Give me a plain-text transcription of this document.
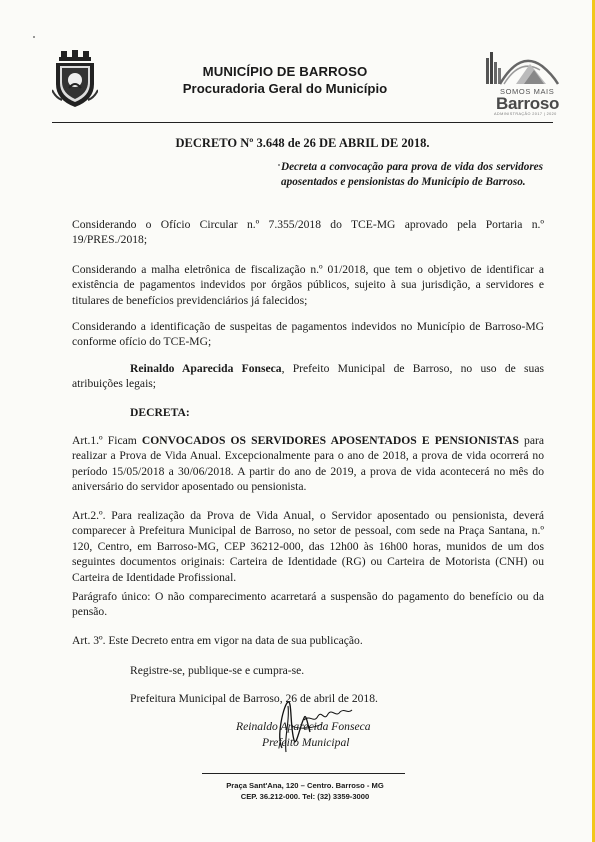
MUNICÍPIO DE BARROSO
Procuradoria Geral do Município	SOMOS MAIS
Barroso
ADMINISTRAÇÃO 2017 | 2020
DECRETO Nº 3.648 de 26 DE ABRIL DE 2018.
Decreta a convocação para prova de vida dos servidores aposentados e pensionistas do Município de Barroso.
Considerando o Ofício Circular n.º 7.355/2018 do TCE-MG aprovado pela Portaria n.º 19/PRES./2018;
Considerando a malha eletrônica de fiscalização n.º 01/2018, que tem o objetivo de identificar a existência de pagamentos indevidos por órgãos públicos, sujeito à sua jurisdição, a servidores e titulares de benefícios previdenciários já falecidos;
Considerando a identificação de suspeitas de pagamentos indevidos no Município de Barroso-MG conforme ofício do TCE-MG;
Reinaldo Aparecida Fonseca, Prefeito Municipal de Barroso, no uso de suas atribuições legais;
DECRETA:
Art.1.º Ficam CONVOCADOS OS SERVIDORES APOSENTADOS E PENSIONISTAS para realizar a Prova de Vida Anual. Excepcionalmente para o ano de 2018, a prova de vida ocorrerá no período 15/05/2018 a 30/06/2018. A partir do ano de 2019, a prova de vida acontecerá no mês do aniversário do servidor aposentado ou pensionista.
Art.2.º. Para realização da Prova de Vida Anual, o Servidor aposentado ou pensionista, deverá comparecer à Prefeitura Municipal de Barroso, no setor de pessoal, com sede na Praça Santana, n.º 120, Centro, em Barroso-MG, CEP 36212-000, das 12h00 às 16h00 horas, munidos de um dos seguintes documentos originais: Carteira de Identidade (RG) ou Carteira de Motorista (CNH) ou Carteira de Identidade Profissional.
Parágrafo único: O não comparecimento acarretará a suspensão do pagamento do benefício ou da pensão.
Art. 3º. Este Decreto entra em vigor na data de sua publicação.
Registre-se, publique-se e cumpra-se.
Prefeitura Municipal de Barroso, 26 de abril de 2018.
Reinaldo Aparecida Fonseca
Prefeito Municipal
Praça Sant'Ana, 120 – Centro. Barroso - MG
CEP. 36.212-000. Tel: (32) 3359-3000
